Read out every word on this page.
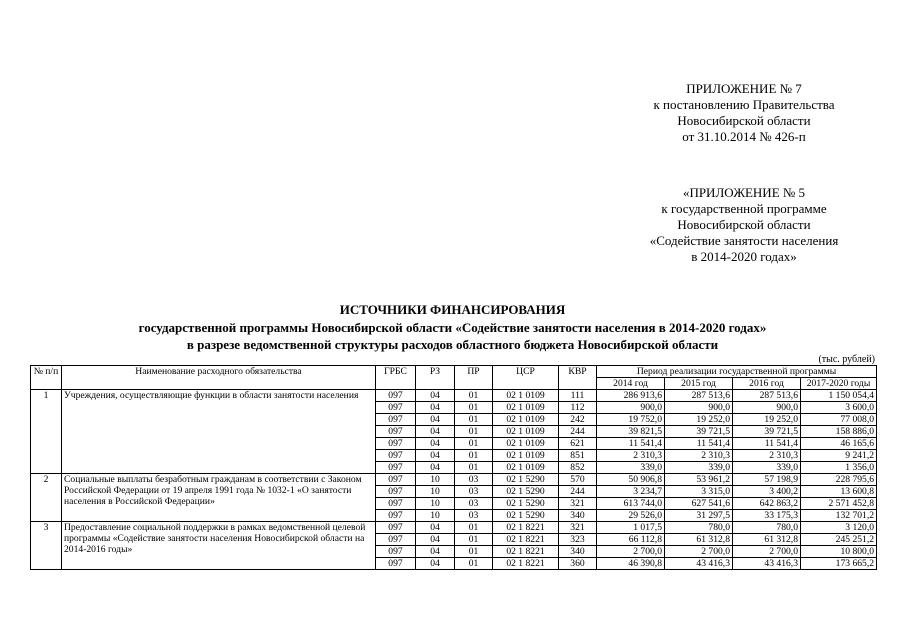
ПРИЛОЖЕНИЕ № 7
к постановлению Правительства
Новосибирской области
от 31.10.2014 № 426-п
«ПРИЛОЖЕНИЕ № 5
к государственной программе
Новосибирской области
«Содействие занятости населения
в 2014-2020 годах»
ИСТОЧНИКИ ФИНАНСИРОВАНИЯ
государственной программы Новосибирской области «Содействие занятости населения в 2014-2020 годах»
в разрезе ведомственной структуры расходов областного бюджета Новосибирской области
(тыс. рублей)
№ п/п	Наименование расходного обязательства	ГРБС	РЗ	ПР	ЦСР	КВР	Период реализации государственной программы			
							2014 год	2015 год	2016 год	2017-2020 годы
1	Учреждения, осуществляющие функции в области занятости населения	097	04	01	02 1 0109	111	286 913,6	287 513,6	287 513,6	1 150 054,4
		097	04	01	02 1 0109	112	900,0	900,0	900,0	3 600,0
		097	04	01	02 1 0109	242	19 752,0	19 252,0	19 252,0	77 008,0
		097	04	01	02 1 0109	244	39 821,5	39 721,5	39 721,5	158 886,0
		097	04	01	02 1 0109	621	11 541,4	11 541,4	11 541,4	46 165,6
		097	04	01	02 1 0109	851	2 310,3	2 310,3	2 310,3	9 241,2
		097	04	01	02 1 0109	852	339,0	339,0	339,0	1 356,0
2	Социальные выплаты безработным гражданам в соответствии с Законом Российской Федерации от 19 апреля 1991 года № 1032-1 «О занятости населения в Российской Федерации»	097	10	03	02 1 5290	570	50 906,8	53 961,2	57 198,9	228 795,6
		097	10	03	02 1 5290	244	3 234,7	3 315,0	3 400,2	13 600,8
		097	10	03	02 1 5290	321	613 744,0	627 541,6	642 863,2	2 571 452,8
		097	10	03	02 1 5290	340	29 526,0	31 297,5	33 175,3	132 701,2
3	Предоставление социальной поддержки в рамках ведомственной целевой программы «Содействие занятости населения Новосибирской области на 2014-2016 годы»	097	04	01	02 1 8221	321	1 017,5	780,0	780,0	3 120,0
		097	04	01	02 1 8221	323	66 112,8	61 312,8	61 312,8	245 251,2
		097	04	01	02 1 8221	340	2 700,0	2 700,0	2 700,0	10 800,0
		097	04	01	02 1 8221	360	46 390,8	43 416,3	43 416,3	173 665,2
